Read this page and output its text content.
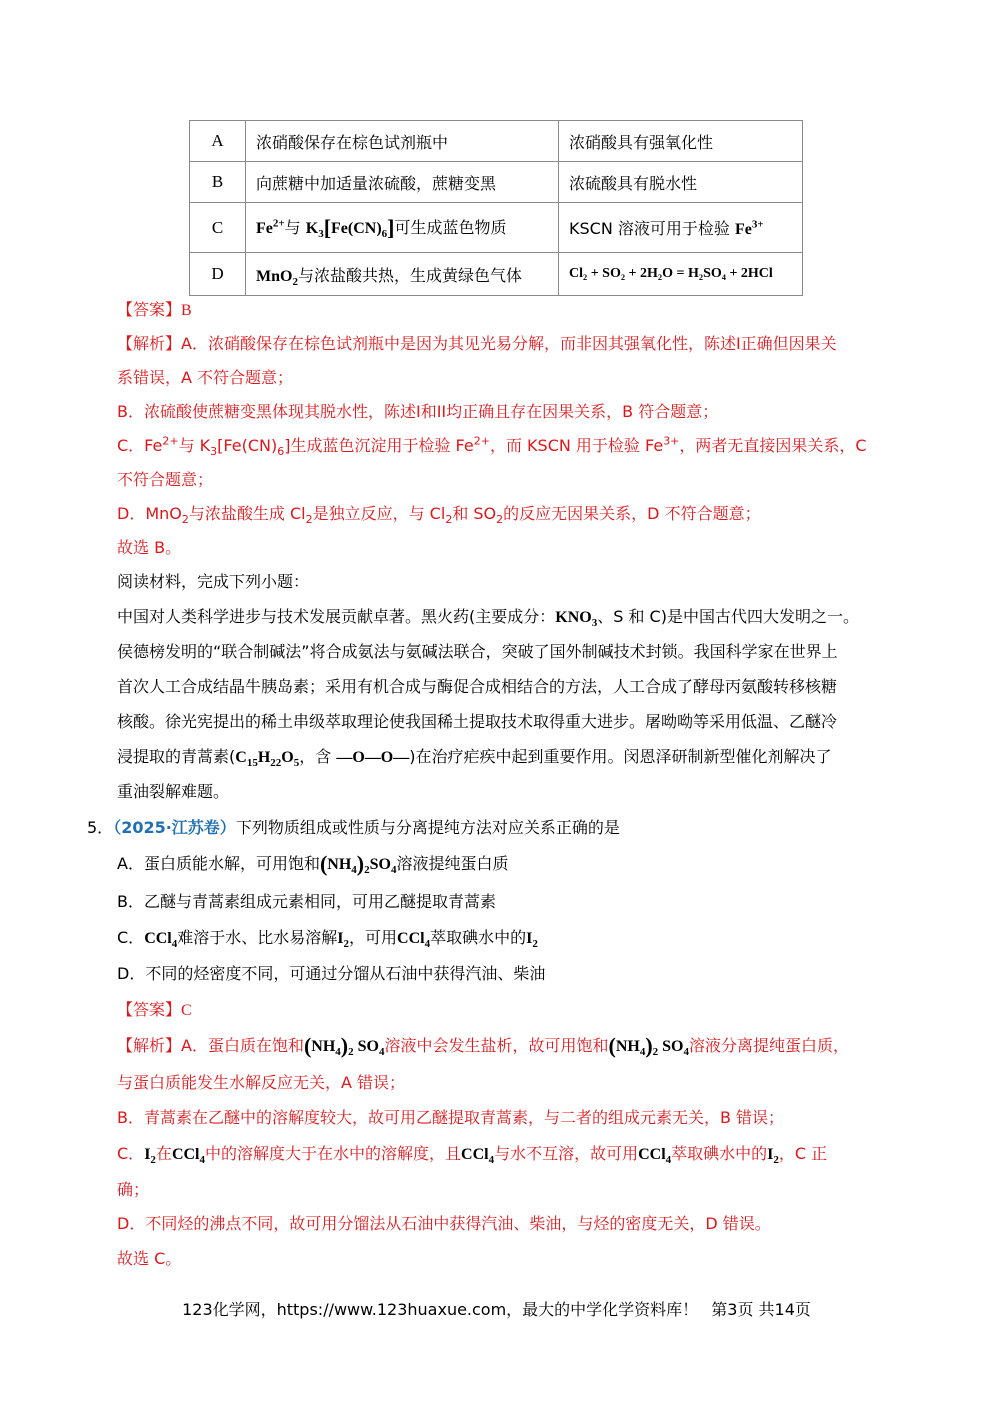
A	浓硝酸保存在棕色试剂瓶中	浓硝酸具有强氧化性
B	向蔗糖中加适量浓硫酸，蔗糖变黑	浓硫酸具有脱水性
C	$Fe^{2+}$与 $K_3[Fe(CN)_6]$可生成蓝色物质	KSCN 溶液可用于检验 $Fe^{3+}$
D	MnO$_2$与浓盐酸共热，生成黄绿色气体	Cl₂ + SO₂ + 2H₂O = H₂SO₄ + 2HCl
【答案】B
【解析】A．浓硝酸保存在棕色试剂瓶中是因为其见光易分解，而非因其强氧化性，陈述I正确但因果关
系错误，A 不符合题意；
B．浓硫酸使蔗糖变黑体现其脱水性，陈述I和II均正确且存在因果关系，B 符合题意；
C．$Fe^{2+}$与 $K_3[Fe(CN)_6]$生成蓝色沉淀用于检验 $Fe^{2+}$，而 KSCN 用于检验 $Fe^{3+}$，两者无直接因果关系，C
不符合题意；
D．MnO$_2$与浓盐酸生成 $Cl_2$是独立反应，与 $Cl_2$和 $SO_2$的反应无因果关系，D 不符合题意；
故选 B。
阅读材料，完成下列小题：
中国对人类科学进步与技术发展贡献卓著。黑火药(主要成分：$KNO_3$、S 和 C)是中国古代四大发明之一。
侯德榜发明的“联合制碱法”将合成氨法与氨碱法联合，突破了国外制碱技术封锁。我国科学家在世界上
首次人工合成结晶牛胰岛素；采用有机合成与酶促合成相结合的方法，人工合成了酵母丙氨酸转移核糖
核酸。徐光宪提出的稀土串级萃取理论使我国稀土提取技术取得重大进步。屠呦呦等采用低温、乙醚冷
浸提取的青蒿素($C_{15}H_{22}O_5$，含 —O—O—)在治疗疟疾中起到重要作用。闵恩泽研制新型催化剂解决了
重油裂解难题。
5．（2025·江苏卷）下列物质组成或性质与分离提纯方法对应关系正确的是
A．蛋白质能水解，可用饱和$(NH_4)_2SO_4$溶液提纯蛋白质
B．乙醚与青蒿素组成元素相同，可用乙醚提取青蒿素
C．CCl$_4$难溶于水、比水易溶解$I_2$，可用CCl$_4$萃取碘水中的$I_2$
D．不同的烃密度不同，可通过分馏从石油中获得汽油、柴油
【答案】C
【解析】A．蛋白质在饱和$(NH_4)_2$ $SO_4$溶液中会发生盐析，故可用饱和$(NH_4)_2$ $SO_4$溶液分离提纯蛋白质，
与蛋白质能发生水解反应无关，A 错误；
B．青蒿素在乙醚中的溶解度较大，故可用乙醚提取青蒿素，与二者的组成元素无关，B 错误；
C．$I_2$在CCl$_4$中的溶解度大于在水中的溶解度，且CCl$_4$与水不互溶，故可用CCl$_4$萃取碘水中的$I_2$，C 正
确；
D．不同烃的沸点不同，故可用分馏法从石油中获得汽油、柴油，与烃的密度无关，D 错误。
故选 C。
123化学网，https://www.123huaxue.com，最大的中学化学资料库！ 第3页 共14页
